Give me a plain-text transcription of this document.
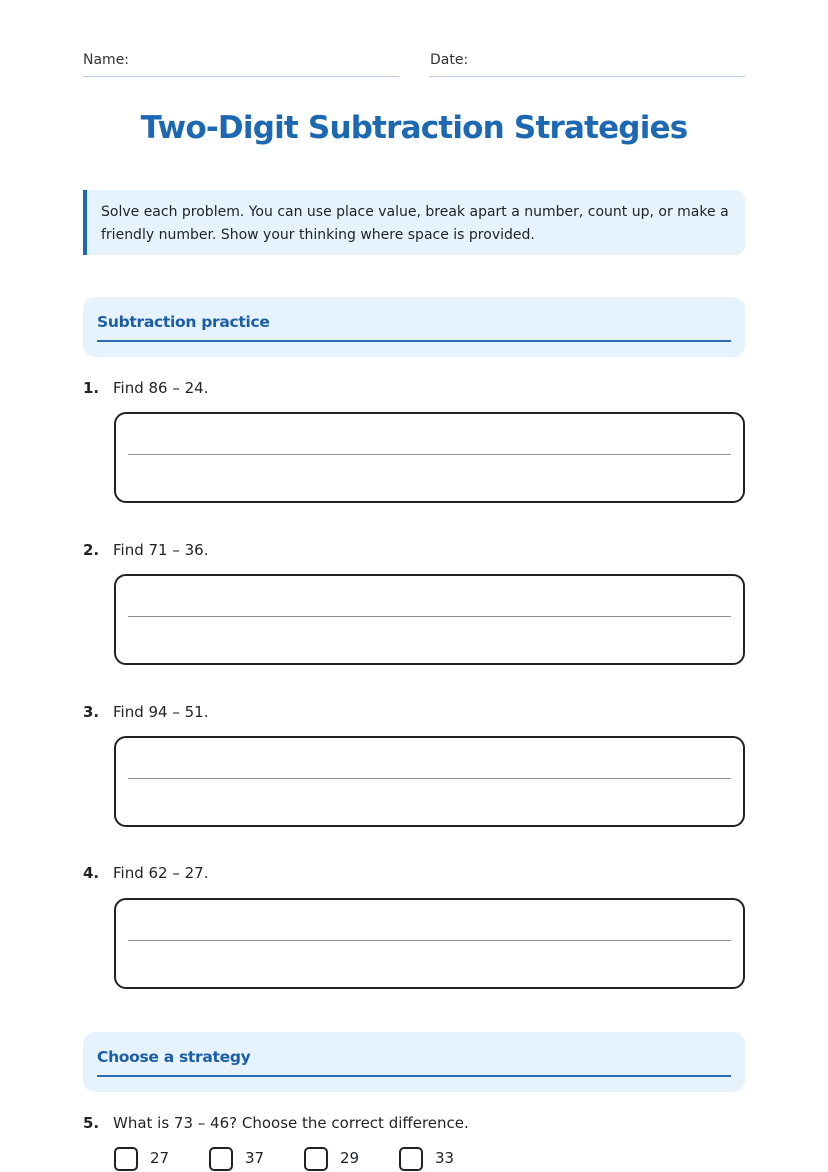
Name:	Date:
Two-Digit Subtraction Strategies
Solve each problem. You can use place value, break apart a number, count up, or make a friendly number. Show your thinking where space is provided.
Subtraction practice
1. Find 86 – 24.
2. Find 71 – 36.
3. Find 94 – 51.
4. Find 62 – 27.
Choose a strategy
5. What is 73 – 46? Choose the correct difference.
27	37	29	33
